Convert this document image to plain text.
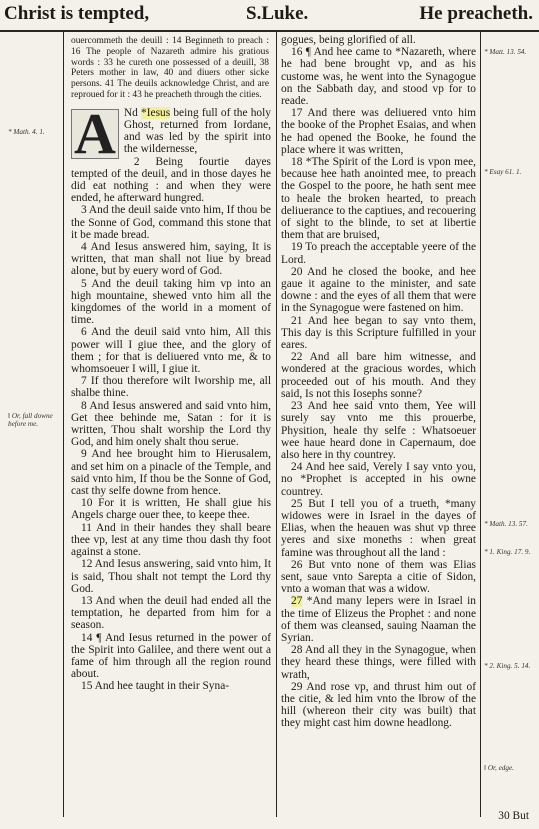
Christ is tempted,	S.Luke.	He preacheth.
* Math. 4. 1.
‖ Or, fall downe before me.

ouercommeth the deuill : 14 Beginneth to preach : 16 The people of Nazareth admire his gratious words : 33 he cureth one possessed of a deuill, 38 Peters mother in law, 40 and diuers other sicke persons. 41 The deuils acknowledge Christ, and are reproued for it : 43 he preacheth through the cities.

A Nd *Iesus being full of the holy Ghost, returned from Iordane, and was led by the spirit into the wildernesse,

2 Being fourtie dayes tempted of the deuil, and in those dayes he did eat nothing : and when they were ended, he afterward hungred.

3 And the deuil saide vnto him, If thou be the Sonne of God, command this stone that it be made bread.

4 And Iesus answered him, saying, It is written, that man shall not liue by bread alone, but by euery word of God.

5 And the deuil taking him vp into an high mountaine, shewed vnto him all the kingdomes of the world in a moment of time.

6 And the deuil said vnto him, All this power will I giue thee, and the glory of them ; for that is deliuered vnto me, & to whomsoeuer I will, I giue it.

7 If thou therefore wilt ‖worship me, all shalbe thine.

8 And Iesus answered and said vnto him, Get thee behinde me, Satan : for it is written, Thou shalt worship the Lord thy God, and him onely shalt thou serue.

9 And hee brought him to Hierusalem, and set him on a pinacle of the Temple, and said vnto him, If thou be the Sonne of God, cast thy selfe downe from hence.

10 For it is written, He shall giue his Angels charge ouer thee, to keepe thee.

11 And in their handes they shall beare thee vp, lest at any time thou dash thy foot against a stone.

12 And Iesus answering, said vnto him, It is said, Thou shalt not tempt the Lord thy God.

13 And when the deuil had ended all the temptation, he departed from him for a season.

14 ¶ And Iesus returned in the power of the Spirit into Galilee, and there went out a fame of him through all the region round about.

15 And hee taught in their Syna-

gogues, being glorified of all.

16 ¶ And hee came to *Nazareth, where he had bene brought vp, and as his custome was, he went into the Synagogue on the Sabbath day, and stood vp for to reade.

17 And there was deliuered vnto him the booke of the Prophet Esaias, and when he had opened the Booke, he found the place where it was written,

18 *The Spirit of the Lord is vpon mee, because hee hath anointed mee, to preach the Gospel to the poore, he hath sent mee to heale the broken hearted, to preach deliuerance to the captiues, and recouering of sight to the blinde, to set at libertie them that are bruised,

19 To preach the acceptable yeere of the Lord.

20 And he closed the booke, and hee gaue it againe to the minister, and sate downe : and the eyes of all them that were in the Synagogue were fastened on him.

21 And hee began to say vnto them, This day is this Scripture fulfilled in your eares.

22 And all bare him witnesse, and wondered at the gracious wordes, which proceeded out of his mouth. And they said, Is not this Iosephs sonne?

23 And hee said vnto them, Yee will surely say vnto me this prouerbe, Physition, heale thy selfe : Whatsoeuer wee haue heard done in Capernaum, doe also here in thy countrey.

24 And hee said, Verely I say vnto you, no *Prophet is accepted in his owne countrey.

25 But I tell you of a trueth, *many widowes were in Israel in the dayes of Elias, when the heauen was shut vp three yeres and sixe moneths : when great famine was throughout all the land :

26 But vnto none of them was Elias sent, saue vnto Sarepta a citie of Sidon, vnto a woman that was a widow.

27 *And many lepers were in Israel in the time of Elizeus the Prophet : and none of them was cleansed, sauing Naaman the Syrian.

28 And all they in the Synagogue, when they heard these things, were filled with wrath,

29 And rose vp, and thrust him out of the citie, & led him vnto the ‖brow of the hill (whereon their city was built) that they might cast him downe headlong.

* Matt. 13. 54.
* Esay 61. 1.
* Math. 13. 57.
* 1. King. 17. 9.
* 2. King. 5. 14.
‖ Or, edge.
30 But
